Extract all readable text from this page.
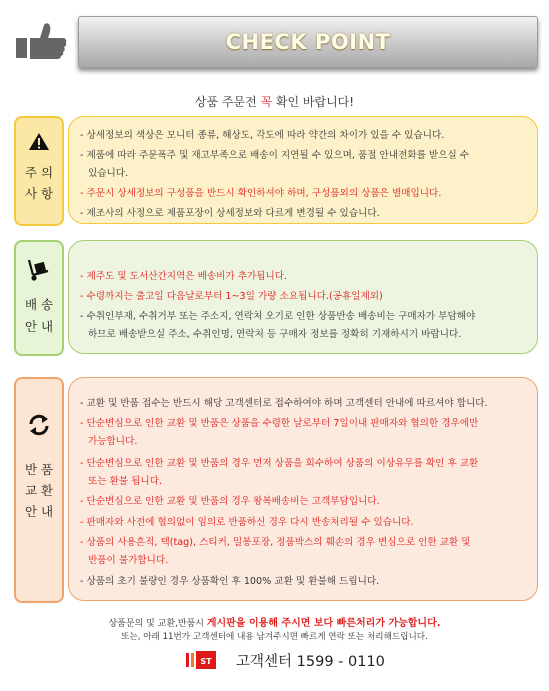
CHECK POINT
상품 주문전 꼭 확인 바랍니다!
주 의
사 항
- 상세정보의 색상은 모니터 종류, 해상도, 각도에 따라 약간의 차이가 있을 수 있습니다.
- 제품에 따라 주문폭주 및 재고부족으로 배송이 지연될 수 있으며, 품절 안내전화를 받으실 수
있습니다.
- 주문시 상세정보의 구성품을 반드시 확인하셔야 하며, 구성품외의 상품은 별매입니다.
- 제조사의 사정으로 제품포장이 상세정보와 다르게 변경될 수 있습니다.
배 송
안 내
- 제주도 및 도서산간지역은 배송비가 추가됩니다.
- 수령까지는 출고일 다음날로부터 1~3일 가량 소요됩니다.(공휴일제외)
- 수취인부재, 수취거부 또는 주소지, 연락처 오기로 인한 상품반송 배송비는 구매자가 부담해야
하므로 배송받으실 주소, 수취인명, 연락처 등 구매자 정보를 정확히 기재하시기 바랍니다.
반 품
교 환
안 내
- 교환 및 반품 접수는 반드시 해당 고객센터로 접수하여야 하며 고객센터 안내에 따르셔야 합니다.
- 단순변심으로 인한 교환 및 반품은 상품을 수령한 날로부터 7일이내 판매자와 협의한 경우에만
가능합니다.
- 단순변심으로 인한 교환 및 반품의 경우 먼저 상품을 회수하여 상품의 이상유무를 확인 후 교환
또는 환불 됩니다.
- 단순변심으로 인한 교환 및 반품의 경우 왕복배송비는 고객부담입니다.
- 판매자와 사전에 협의없이 임의로 반품하신 경우 다시 반송처리될 수 있습니다.
- 상품의 사용흔적, 택(tag), 스티커, 밀봉포장, 정품박스의 훼손의 경우 변심으로 인한 교환 및
반품이 불가합니다.
- 상품의 초기 불량인 경우 상품확인 후 100% 교환 및 환불해 드립니다.
상품문의 및 교환,반품시 게시판을 이용해 주시면 보다 빠른처리가 가능합니다.
또는, 아래 11번가 고객센터에 내용 남겨주시면 빠르게 연락 또는 처리해드립니다.
ST 고객센터 1599 - 0110
